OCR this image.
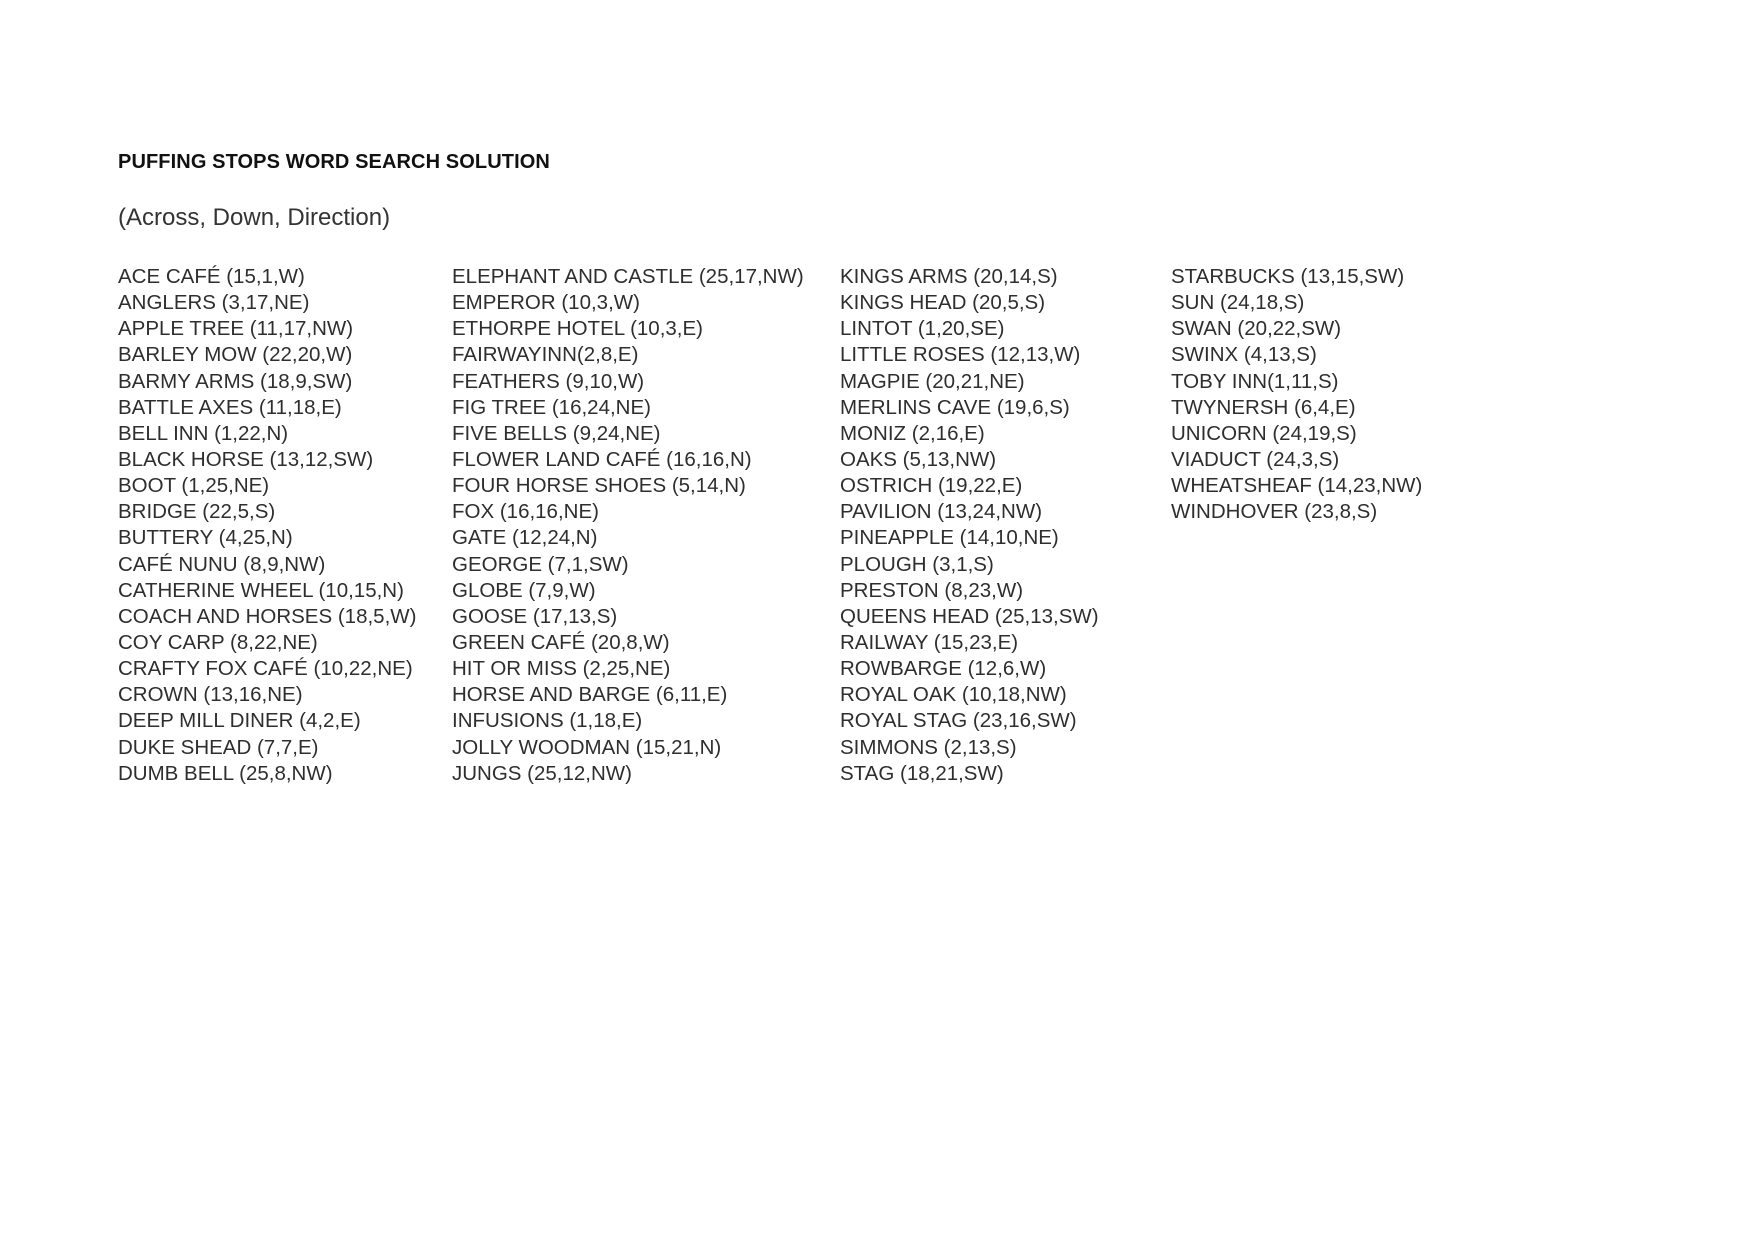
PUFFING STOPS WORD SEARCH SOLUTION
(Across, Down, Direction)
ACE CAFÉ (15,1,W)
ANGLERS (3,17,NE)
APPLE TREE (11,17,NW)
BARLEY MOW (22,20,W)
BARMY ARMS (18,9,SW)
BATTLE AXES (11,18,E)
BELL INN (1,22,N)
BLACK HORSE (13,12,SW)
BOOT (1,25,NE)
BRIDGE (22,5,S)
BUTTERY (4,25,N)
CAFÉ NUNU (8,9,NW)
CATHERINE WHEEL (10,15,N)
COACH AND HORSES (18,5,W)
COY CARP (8,22,NE)
CRAFTY FOX CAFÉ (10,22,NE)
CROWN (13,16,NE)
DEEP MILL DINER (4,2,E)
DUKE SHEAD (7,7,E)
DUMB BELL (25,8,NW)
ELEPHANT AND CASTLE (25,17,NW)
EMPEROR (10,3,W)
ETHORPE HOTEL (10,3,E)
FAIRWAYINN(2,8,E)
FEATHERS (9,10,W)
FIG TREE (16,24,NE)
FIVE BELLS (9,24,NE)
FLOWER LAND CAFÉ (16,16,N)
FOUR HORSE SHOES (5,14,N)
FOX (16,16,NE)
GATE (12,24,N)
GEORGE (7,1,SW)
GLOBE (7,9,W)
GOOSE (17,13,S)
GREEN CAFÉ (20,8,W)
HIT OR MISS (2,25,NE)
HORSE AND BARGE (6,11,E)
INFUSIONS (1,18,E)
JOLLY WOODMAN (15,21,N)
JUNGS (25,12,NW)
KINGS ARMS (20,14,S)
KINGS HEAD (20,5,S)
LINTOT (1,20,SE)
LITTLE ROSES (12,13,W)
MAGPIE (20,21,NE)
MERLINS CAVE (19,6,S)
MONIZ (2,16,E)
OAKS (5,13,NW)
OSTRICH (19,22,E)
PAVILION (13,24,NW)
PINEAPPLE (14,10,NE)
PLOUGH (3,1,S)
PRESTON (8,23,W)
QUEENS HEAD (25,13,SW)
RAILWAY (15,23,E)
ROWBARGE (12,6,W)
ROYAL OAK (10,18,NW)
ROYAL STAG (23,16,SW)
SIMMONS (2,13,S)
STAG (18,21,SW)
STARBUCKS (13,15,SW)
SUN (24,18,S)
SWAN (20,22,SW)
SWINX (4,13,S)
TOBY INN(1,11,S)
TWYNERSH (6,4,E)
UNICORN (24,19,S)
VIADUCT (24,3,S)
WHEATSHEAF (14,23,NW)
WINDHOVER (23,8,S)
